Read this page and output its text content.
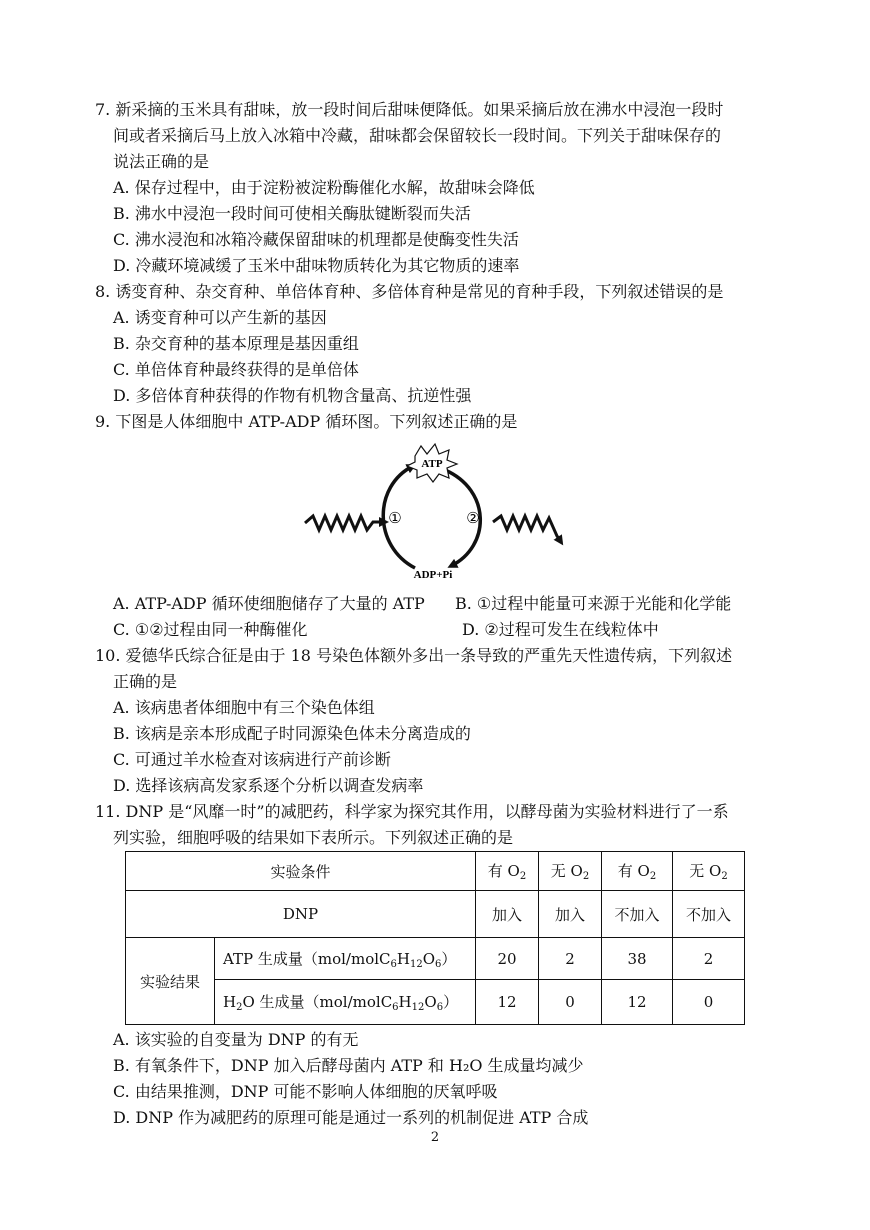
7. 新采摘的玉米具有甜味，放一段时间后甜味便降低。如果采摘后放在沸水中浸泡一段时
间或者采摘后马上放入冰箱中冷藏，甜味都会保留较长一段时间。下列关于甜味保存的
说法正确的是
A. 保存过程中，由于淀粉被淀粉酶催化水解，故甜味会降低
B. 沸水中浸泡一段时间可使相关酶肽键断裂而失活
C. 沸水浸泡和冰箱冷藏保留甜味的机理都是使酶变性失活
D. 冷藏环境减缓了玉米中甜味物质转化为其它物质的速率
8. 诱变育种、杂交育种、单倍体育种、多倍体育种是常见的育种手段，下列叙述错误的是
A. 诱变育种可以产生新的基因
B. 杂交育种的基本原理是基因重组
C. 单倍体育种最终获得的是单倍体
D. 多倍体育种获得的作物有机物含量高、抗逆性强
9. 下图是人体细胞中 ATP-ADP 循环图。下列叙述正确的是
ATP
ADP+Pi
①	②
A. ATP-ADP 循环使细胞储存了大量的 ATP B. ①过程中能量可来源于光能和化学能
C. ①②过程由同一种酶催化	D. ②过程可发生在线粒体中
10. 爱德华氏综合征是由于 18 号染色体额外多出一条导致的严重先天性遗传病，下列叙述
正确的是
A. 该病患者体细胞中有三个染色体组
B. 该病是亲本形成配子时同源染色体未分离造成的
C. 可通过羊水检查对该病进行产前诊断
D. 选择该病高发家系逐个分析以调查发病率
11. DNP 是“风靡一时”的减肥药，科学家为探究其作用，以酵母菌为实验材料进行了一系
列实验，细胞呼吸的结果如下表所示。下列叙述正确的是
实验条件		有 $O_2$	无 $O_2$	有 $O_2$	无 $O_2$
DNP		加入	加入	不加入	不加入
实验结果	ATP 生成量$(mol/molC_6H_{12}O_6)$	20	2	38	2
	$H_2O$ 生成量$(mol/molC_6H_{12}O_6)$	12	0	12	0
A. 该实验的自变量为 DNP 的有无
B. 有氧条件下，DNP 加入后酵母菌内 ATP 和 H₂O 生成量均减少
C. 由结果推测，DNP 可能不影响人体细胞的厌氧呼吸
D. DNP 作为减肥药的原理可能是通过一系列的机制促进 ATP 合成
2
